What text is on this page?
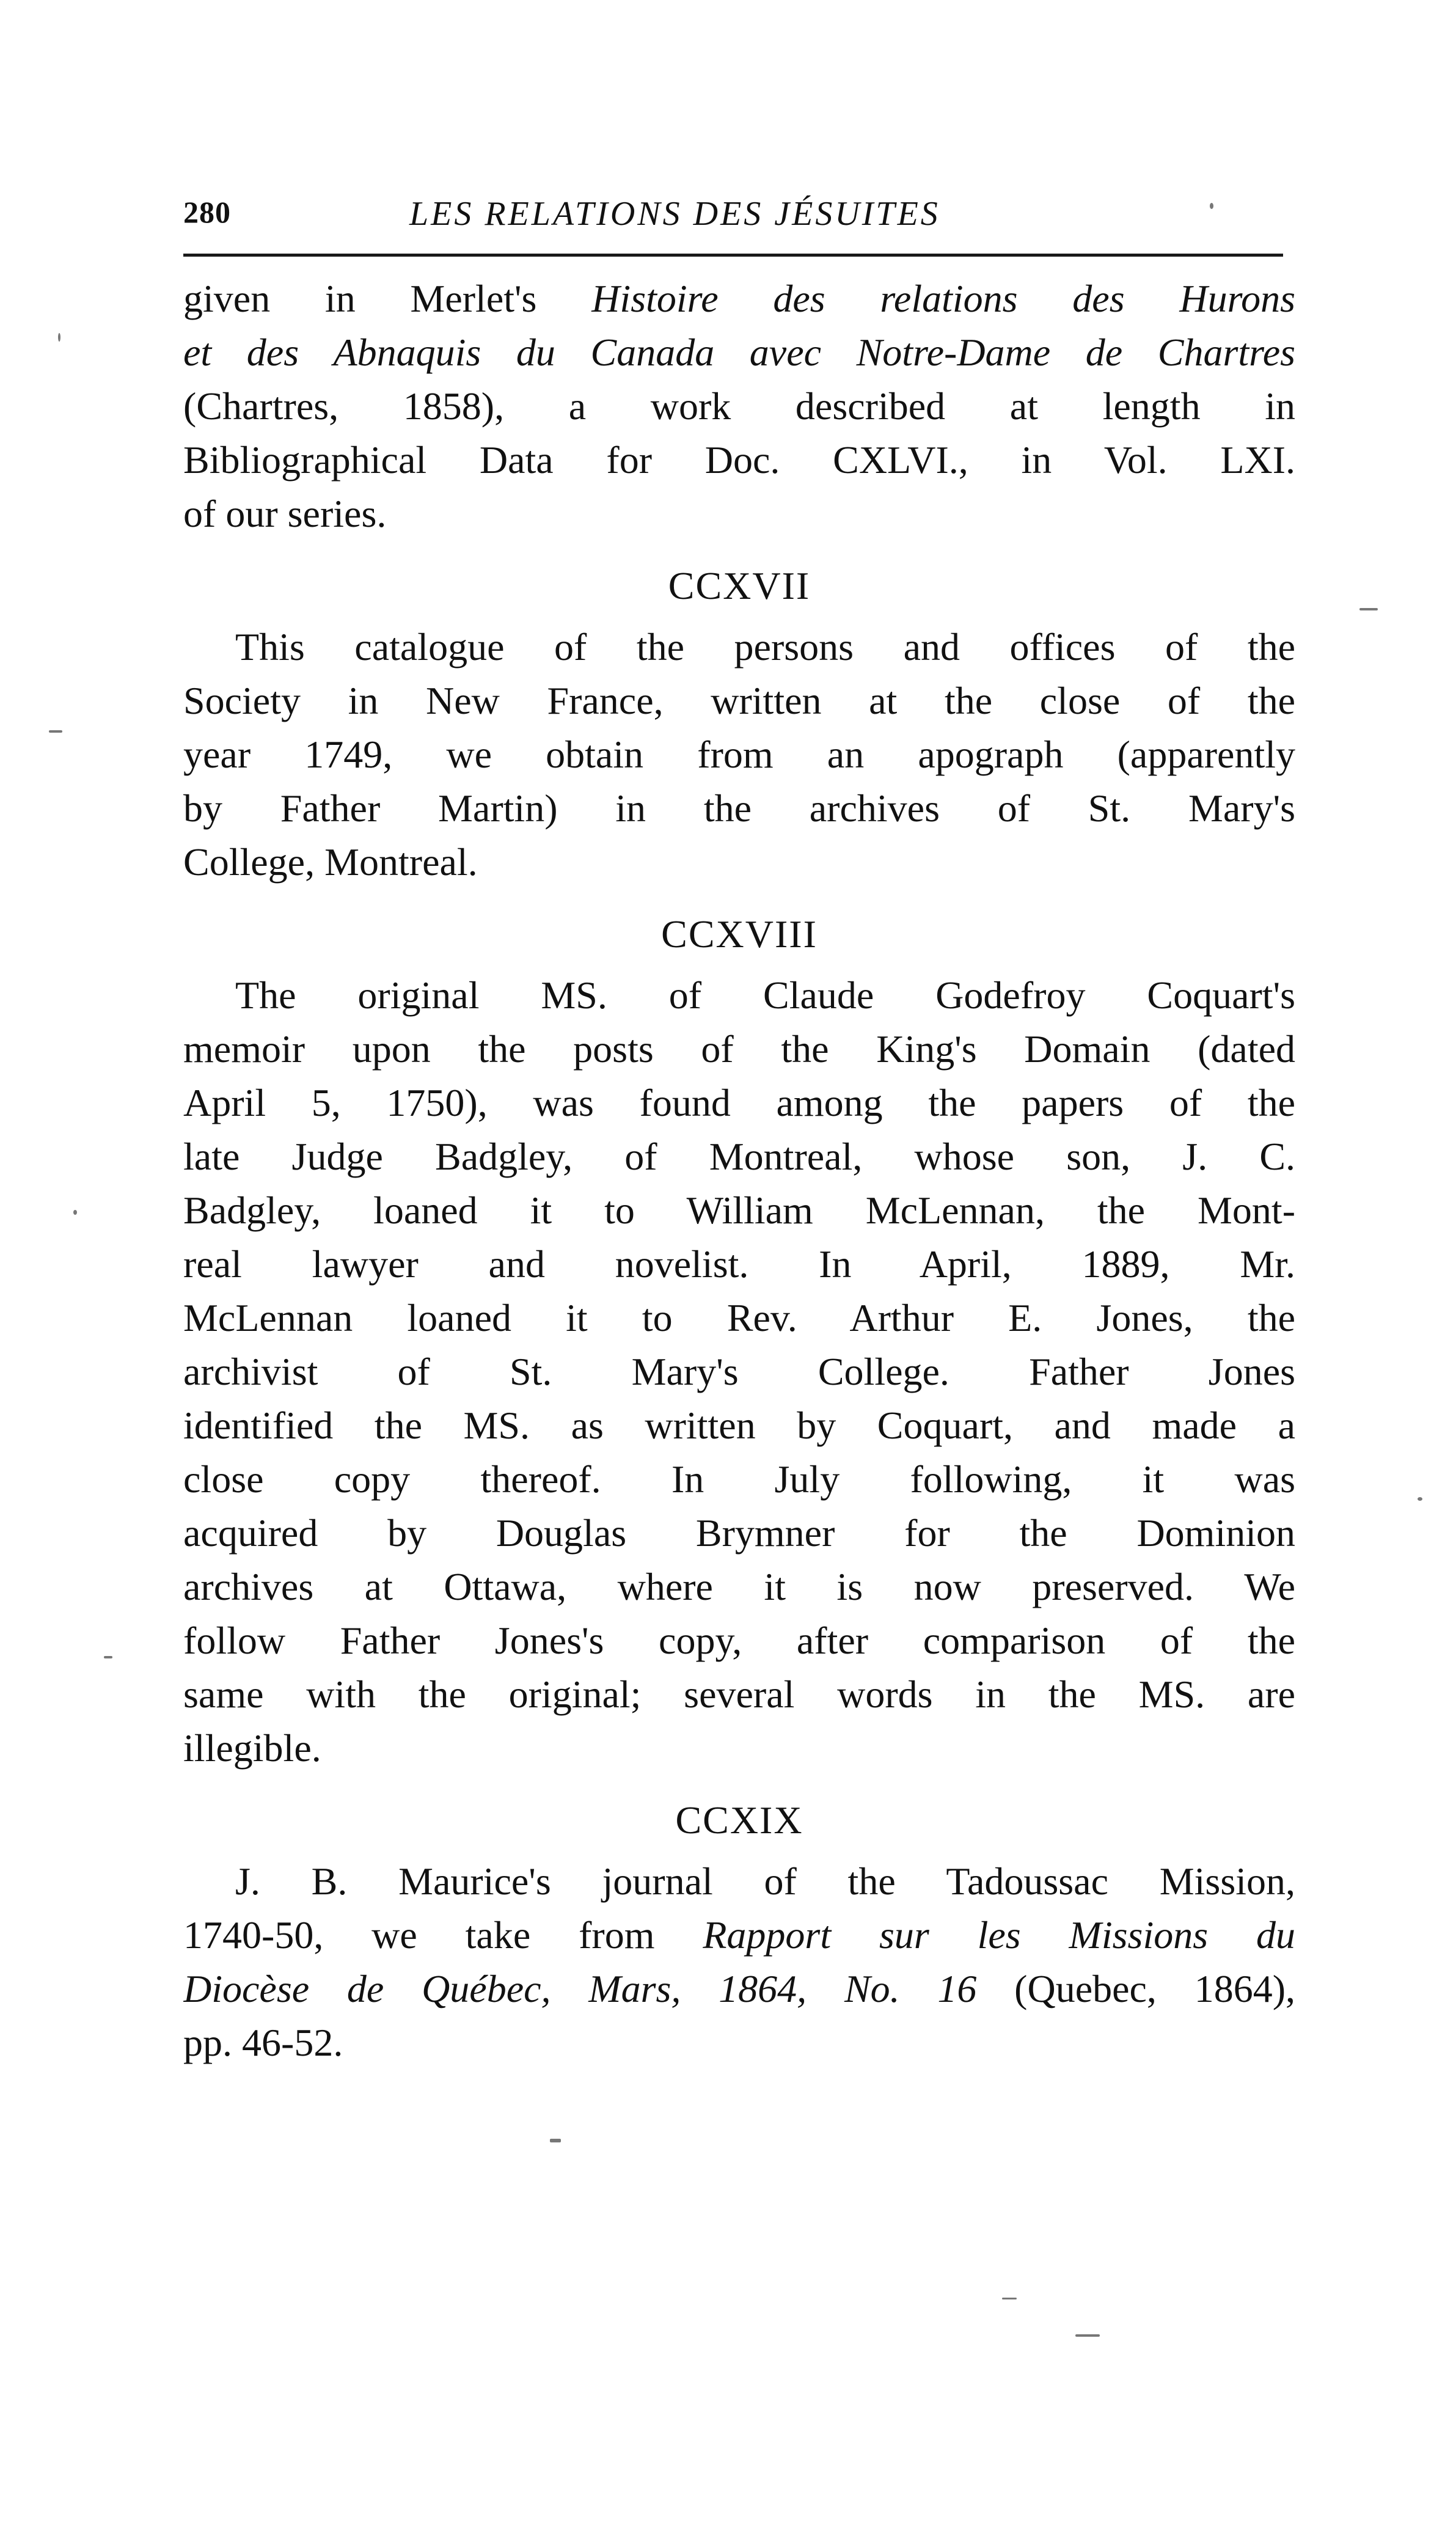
280	LES RELATIONS DES JÉSUITES
given in Merlet's Histoire des relations des Hurons
et des Abnaquis du Canada avec Notre-Dame de Chartres
(Chartres, 1858), a work described at length in
Bibliographical Data for Doc. CXLVI., in Vol. LXI.
of our series.
CCXVII
This catalogue of the persons and offices of the
Society in New France, written at the close of the
year 1749, we obtain from an apograph (apparently
by Father Martin) in the archives of St. Mary's
College, Montreal.
CCXVIII
The original MS. of Claude Godefroy Coquart's
memoir upon the posts of the King's Domain (dated
April 5, 1750), was found among the papers of the
late Judge Badgley, of Montreal, whose son, J. C.
Badgley, loaned it to William McLennan, the Mont-
real lawyer and novelist. In April, 1889, Mr.
McLennan loaned it to Rev. Arthur E. Jones, the
archivist of St. Mary's College. Father Jones
identified the MS. as written by Coquart, and made a
close copy thereof. In July following, it was
acquired by Douglas Brymner for the Dominion
archives at Ottawa, where it is now preserved. We
follow Father Jones's copy, after comparison of the
same with the original; several words in the MS. are
illegible.
CCXIX
J. B. Maurice's journal of the Tadoussac Mission,
1740-50, we take from Rapport sur les Missions du
Diocèse de Québec, Mars, 1864, No. 16 (Quebec, 1864),
pp. 46-52.
